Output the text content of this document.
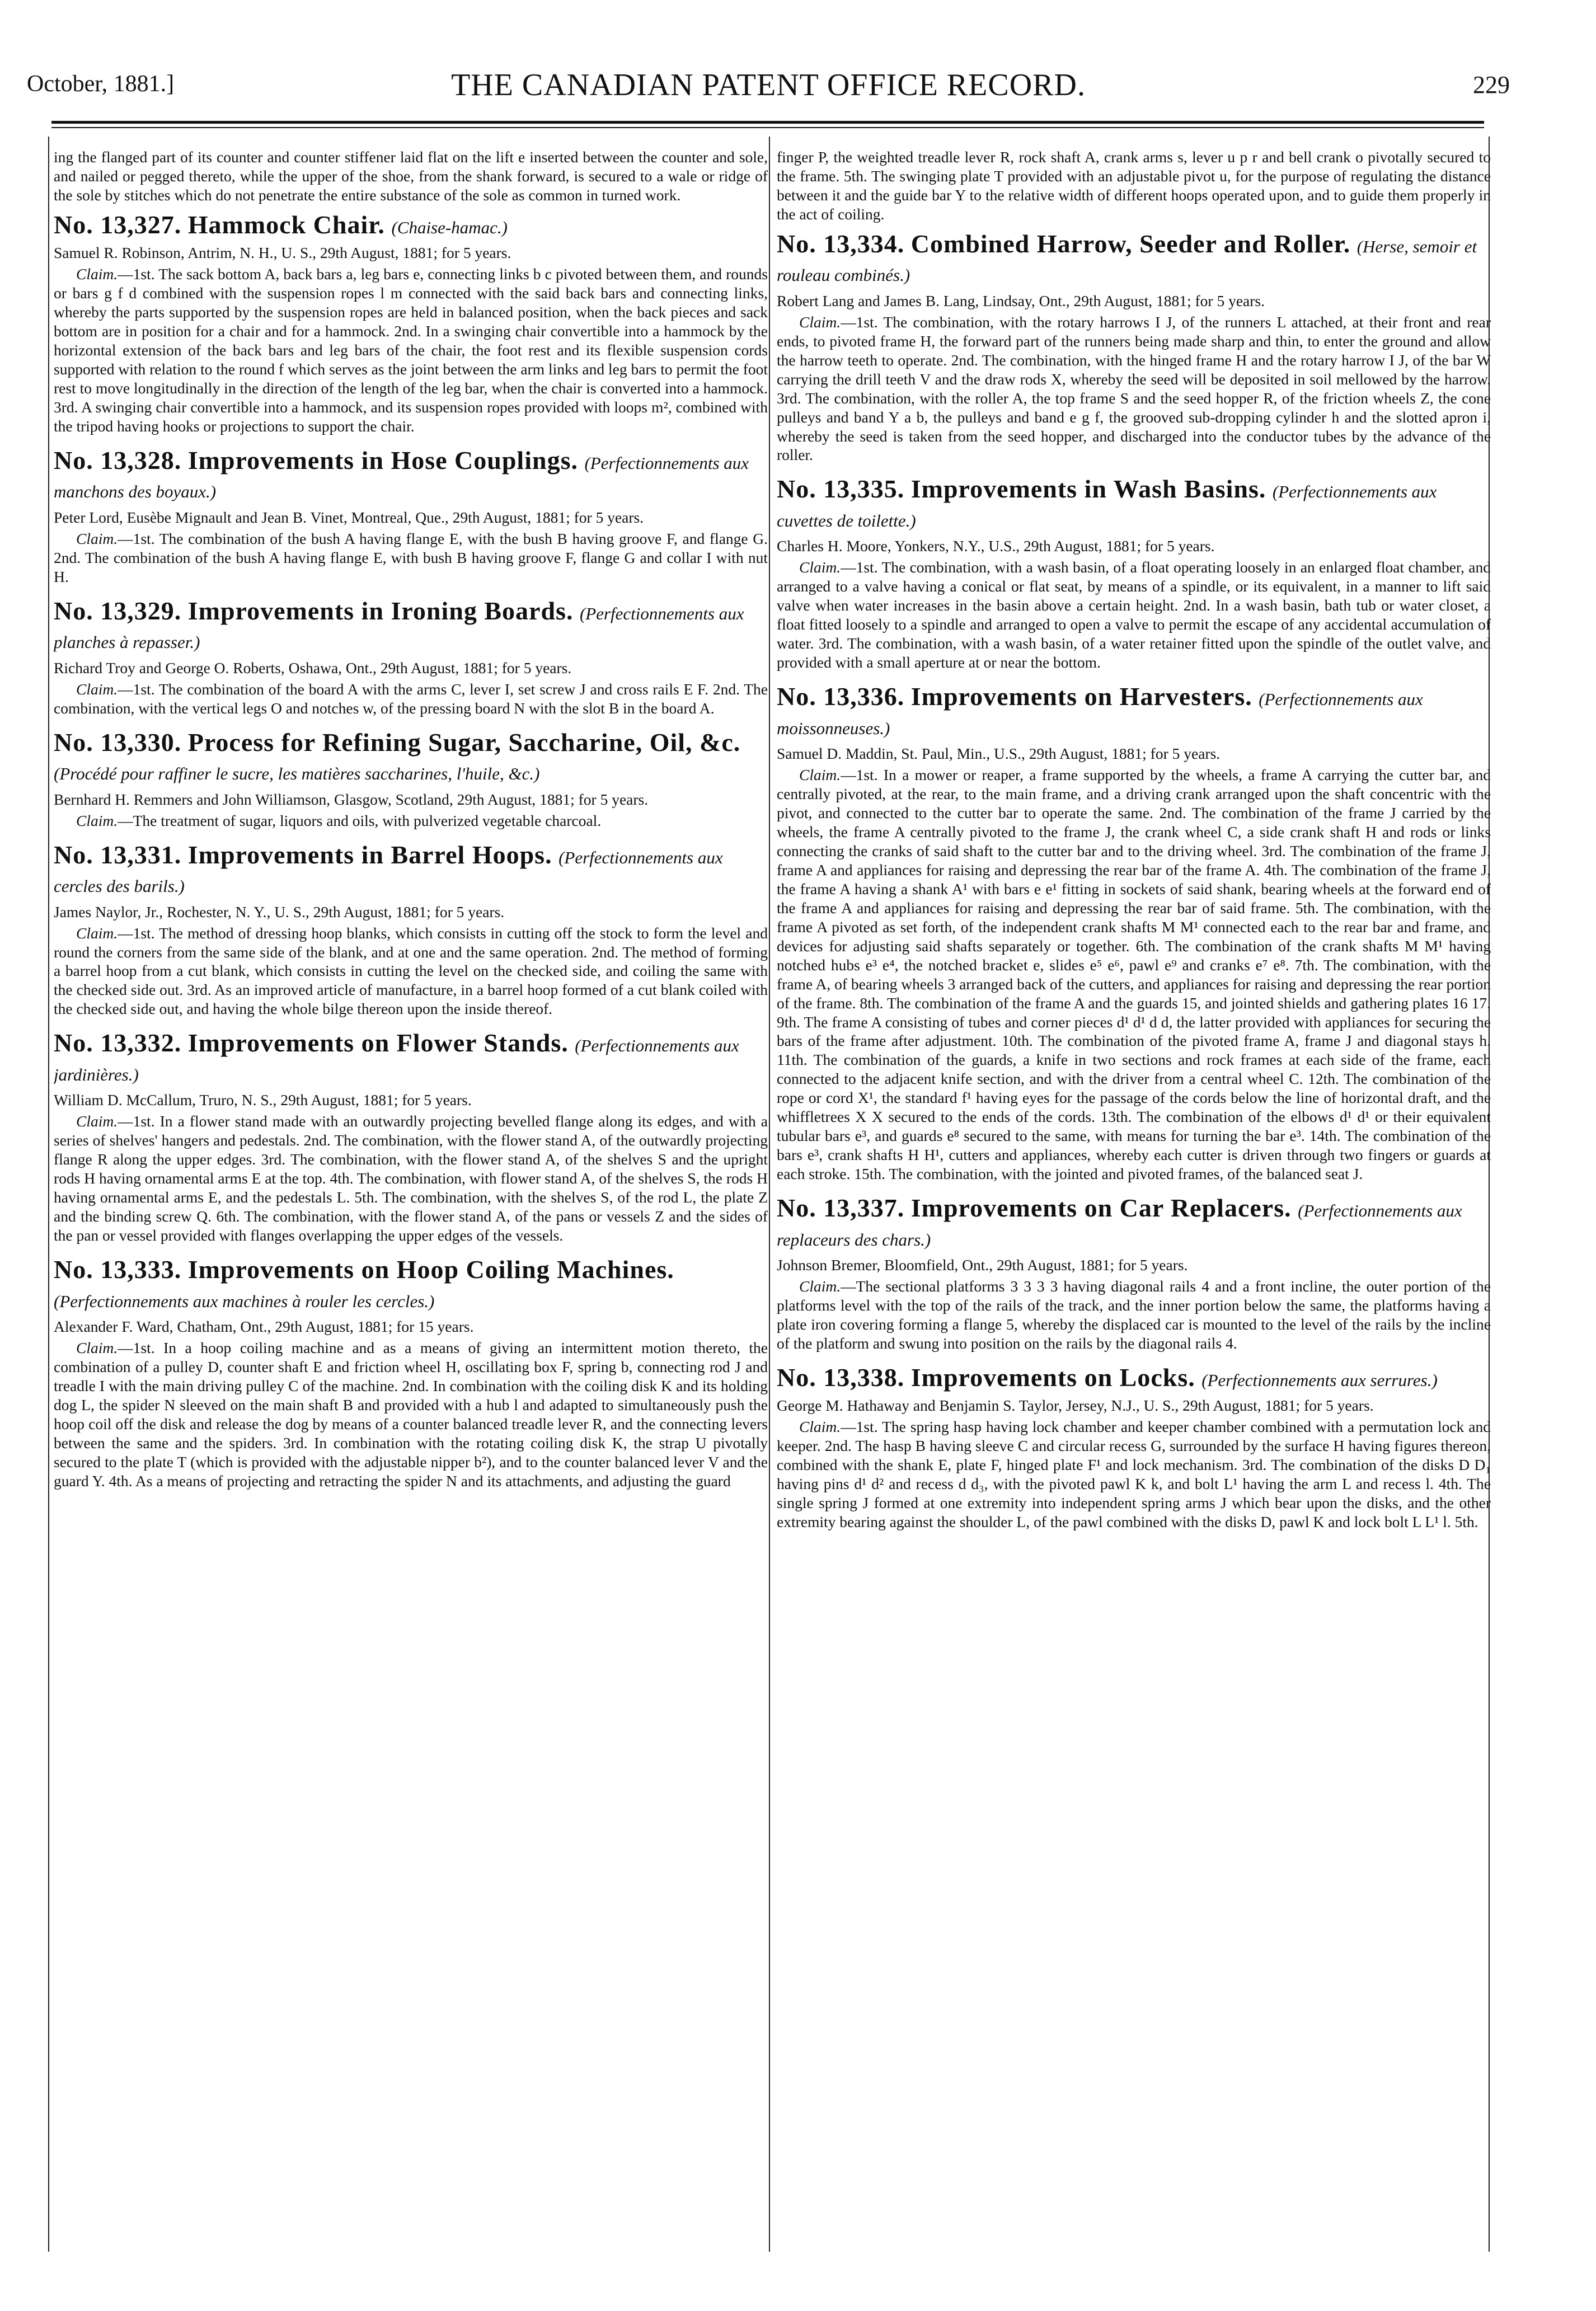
October, 1881.]	THE CANADIAN PATENT OFFICE RECORD.	229

ing the flanged part of its counter and counter stiffener laid flat on the lift e inserted between the counter and sole, and nailed or pegged thereto, while the upper of the shoe, from the shank forward, is secured to a wale or ridge of the sole by stitches which do not penetrate the entire substance of the sole as common in turned work.

No. 13,327. Hammock Chair. (Chaise-hamac.)

Samuel R. Robinson, Antrim, N. H., U. S., 29th August, 1881; for 5 years.

Claim.—1st. The sack bottom A, back bars a, leg bars e, connecting links b c pivoted between them, and rounds or bars g f d combined with the suspension ropes l m connected with the said back bars and connecting links, whereby the parts supported by the suspension ropes are held in balanced position, when the back pieces and sack bottom are in position for a chair and for a hammock. 2nd. In a swinging chair convertible into a hammock by the horizontal extension of the back bars and leg bars of the chair, the foot rest and its flexible suspension cords supported with relation to the round f which serves as the joint between the arm links and leg bars to permit the foot rest to move longitudinally in the direction of the length of the leg bar, when the chair is converted into a hammock. 3rd. A swinging chair convertible into a hammock, and its suspension ropes provided with loops m², combined with the tripod having hooks or projections to support the chair.

No. 13,328. Improvements in Hose Couplings. (Perfectionnements aux manchons des boyaux.)

Peter Lord, Eusèbe Mignault and Jean B. Vinet, Montreal, Que., 29th August, 1881; for 5 years.

Claim.—1st. The combination of the bush A having flange E, with the bush B having groove F, and flange G. 2nd. The combination of the bush A having flange E, with bush B having groove F, flange G and collar I with nut H.

No. 13,329. Improvements in Ironing Boards. (Perfectionnements aux planches à repasser.)

Richard Troy and George O. Roberts, Oshawa, Ont., 29th August, 1881; for 5 years.

Claim.—1st. The combination of the board A with the arms C, lever I, set screw J and cross rails E F. 2nd. The combination, with the vertical legs O and notches w, of the pressing board N with the slot B in the board A.

No. 13,330. Process for Refining Sugar, Saccharine, Oil, &c. (Procédé pour raffiner le sucre, les matières saccharines, l'huile, &c.)

Bernhard H. Remmers and John Williamson, Glasgow, Scotland, 29th August, 1881; for 5 years.

Claim.—The treatment of sugar, liquors and oils, with pulverized vegetable charcoal.

No. 13,331. Improvements in Barrel Hoops. (Perfectionnements aux cercles des barils.)

James Naylor, Jr., Rochester, N. Y., U. S., 29th August, 1881; for 5 years.

Claim.—1st. The method of dressing hoop blanks, which consists in cutting off the stock to form the level and round the corners from the same side of the blank, and at one and the same operation. 2nd. The method of forming a barrel hoop from a cut blank, which consists in cutting the level on the checked side, and coiling the same with the checked side out. 3rd. As an improved article of manufacture, in a barrel hoop formed of a cut blank coiled with the checked side out, and having the whole bilge thereon upon the inside thereof.

No. 13,332. Improvements on Flower Stands. (Perfectionnements aux jardinières.)

William D. McCallum, Truro, N. S., 29th August, 1881; for 5 years.

Claim.—1st. In a flower stand made with an outwardly projecting bevelled flange along its edges, and with a series of shelves' hangers and pedestals. 2nd. The combination, with the flower stand A, of the outwardly projecting flange R along the upper edges. 3rd. The combination, with the flower stand A, of the shelves S and the upright rods H having ornamental arms E at the top. 4th. The combination, with flower stand A, of the shelves S, the rods H having ornamental arms E, and the pedestals L. 5th. The combination, with the shelves S, of the rod L, the plate Z and the binding screw Q. 6th. The combination, with the flower stand A, of the pans or vessels Z and the sides of the pan or vessel provided with flanges overlapping the upper edges of the vessels.

No. 13,333. Improvements on Hoop Coiling Machines. (Perfectionnements aux machines à rouler les cercles.)

Alexander F. Ward, Chatham, Ont., 29th August, 1881; for 15 years.

Claim.—1st. In a hoop coiling machine and as a means of giving an intermittent motion thereto, the combination of a pulley D, counter shaft E and friction wheel H, oscillating box F, spring b, connecting rod J and treadle I with the main driving pulley C of the machine. 2nd. In combination with the coiling disk K and its holding dog L, the spider N sleeved on the main shaft B and provided with a hub l and adapted to simultaneously push the hoop coil off the disk and release the dog by means of a counter balanced treadle lever R, and the connecting levers between the same and the spiders. 3rd. In combination with the rotating coiling disk K, the strap U pivotally secured to the plate T (which is provided with the adjustable nipper b²), and to the counter balanced lever V and the guard Y. 4th. As a means of projecting and retracting the spider N and its attachments, and adjusting the guard

finger P, the weighted treadle lever R, rock shaft A, crank arms s, lever u p r and bell crank o pivotally secured to the frame. 5th. The swinging plate T provided with an adjustable pivot u, for the purpose of regulating the distance between it and the guide bar Y to the relative width of different hoops operated upon, and to guide them properly in the act of coiling.

No. 13,334. Combined Harrow, Seeder and Roller. (Herse, semoir et rouleau combinés.)

Robert Lang and James B. Lang, Lindsay, Ont., 29th August, 1881; for 5 years.

Claim.—1st. The combination, with the rotary harrows I J, of the runners L attached, at their front and rear ends, to pivoted frame H, the forward part of the runners being made sharp and thin, to enter the ground and allow the harrow teeth to operate. 2nd. The combination, with the hinged frame H and the rotary harrow I J, of the bar W carrying the drill teeth V and the draw rods X, whereby the seed will be deposited in soil mellowed by the harrow. 3rd. The combination, with the roller A, the top frame S and the seed hopper R, of the friction wheels Z, the cone pulleys and band Y a b, the pulleys and band e g f, the grooved sub-dropping cylinder h and the slotted apron i, whereby the seed is taken from the seed hopper, and discharged into the conductor tubes by the advance of the roller.

No. 13,335. Improvements in Wash Basins. (Perfectionnements aux cuvettes de toilette.)

Charles H. Moore, Yonkers, N.Y., U.S., 29th August, 1881; for 5 years.

Claim.—1st. The combination, with a wash basin, of a float operating loosely in an enlarged float chamber, and arranged to a valve having a conical or flat seat, by means of a spindle, or its equivalent, in a manner to lift said valve when water increases in the basin above a certain height. 2nd. In a wash basin, bath tub or water closet, a float fitted loosely to a spindle and arranged to open a valve to permit the escape of any accidental accumulation of water. 3rd. The combination, with a wash basin, of a water retainer fitted upon the spindle of the outlet valve, and provided with a small aperture at or near the bottom.

No. 13,336. Improvements on Harvesters. (Perfectionnements aux moissonneuses.)

Samuel D. Maddin, St. Paul, Min., U.S., 29th August, 1881; for 5 years.

Claim.—1st. In a mower or reaper, a frame supported by the wheels, a frame A carrying the cutter bar, and centrally pivoted, at the rear, to the main frame, and a driving crank arranged upon the shaft concentric with the pivot, and connected to the cutter bar to operate the same. 2nd. The combination of the frame J carried by the wheels, the frame A centrally pivoted to the frame J, the crank wheel C, a side crank shaft H and rods or links connecting the cranks of said shaft to the cutter bar and to the driving wheel. 3rd. The combination of the frame J, frame A and appliances for raising and depressing the rear bar of the frame A. 4th. The combination of the frame J, the frame A having a shank A¹ with bars e e¹ fitting in sockets of said shank, bearing wheels at the forward end of the frame A and appliances for raising and depressing the rear bar of said frame. 5th. The combination, with the frame A pivoted as set forth, of the independent crank shafts M M¹ connected each to the rear bar and frame, and devices for adjusting said shafts separately or together. 6th. The combination of the crank shafts M M¹ having notched hubs e³ e⁴, the notched bracket e, slides e⁵ e⁶, pawl e⁹ and cranks e⁷ e⁸. 7th. The combination, with the frame A, of bearing wheels 3 arranged back of the cutters, and appliances for raising and depressing the rear portion of the frame. 8th. The combination of the frame A and the guards 15, and jointed shields and gathering plates 16 17. 9th. The frame A consisting of tubes and corner pieces d¹ d¹ d d, the latter provided with appliances for securing the bars of the frame after adjustment. 10th. The combination of the pivoted frame A, frame J and diagonal stays h. 11th. The combination of the guards, a knife in two sections and rock frames at each side of the frame, each connected to the adjacent knife section, and with the driver from a central wheel C. 12th. The combination of the rope or cord X¹, the standard f¹ having eyes for the passage of the cords below the line of horizontal draft, and the whiffletrees X X secured to the ends of the cords. 13th. The combination of the elbows d¹ d¹ or their equivalent tubular bars e³, and guards e⁸ secured to the same, with means for turning the bar e³. 14th. The combination of the bars e³, crank shafts H H¹, cutters and appliances, whereby each cutter is driven through two fingers or guards at each stroke. 15th. The combination, with the jointed and pivoted frames, of the balanced seat J.

No. 13,337. Improvements on Car Replacers. (Perfectionnements aux replaceurs des chars.)

Johnson Bremer, Bloomfield, Ont., 29th August, 1881; for 5 years.

Claim.—The sectional platforms 3 3 3 3 having diagonal rails 4 and a front incline, the outer portion of the platforms level with the top of the rails of the track, and the inner portion below the same, the platforms having a plate iron covering forming a flange 5, whereby the displaced car is mounted to the level of the rails by the incline of the platform and swung into position on the rails by the diagonal rails 4.

No. 13,338. Improvements on Locks. (Perfectionnements aux serrures.)

George M. Hathaway and Benjamin S. Taylor, Jersey, N.J., U. S., 29th August, 1881; for 5 years.

Claim.—1st. The spring hasp having lock chamber and keeper chamber combined with a permutation lock and keeper. 2nd. The hasp B having sleeve C and circular recess G, surrounded by the surface H having figures thereon, combined with the shank E, plate F, hinged plate F¹ and lock mechanism. 3rd. The combination of the disks D D₁ having pins d¹ d² and recess d d₃, with the pivoted pawl K k, and bolt L¹ having the arm L and recess l. 4th. The single spring J formed at one extremity into independent spring arms J which bear upon the disks, and the other extremity bearing against the shoulder L, of the pawl combined with the disks D, pawl K and lock bolt L L¹ l. 5th.
